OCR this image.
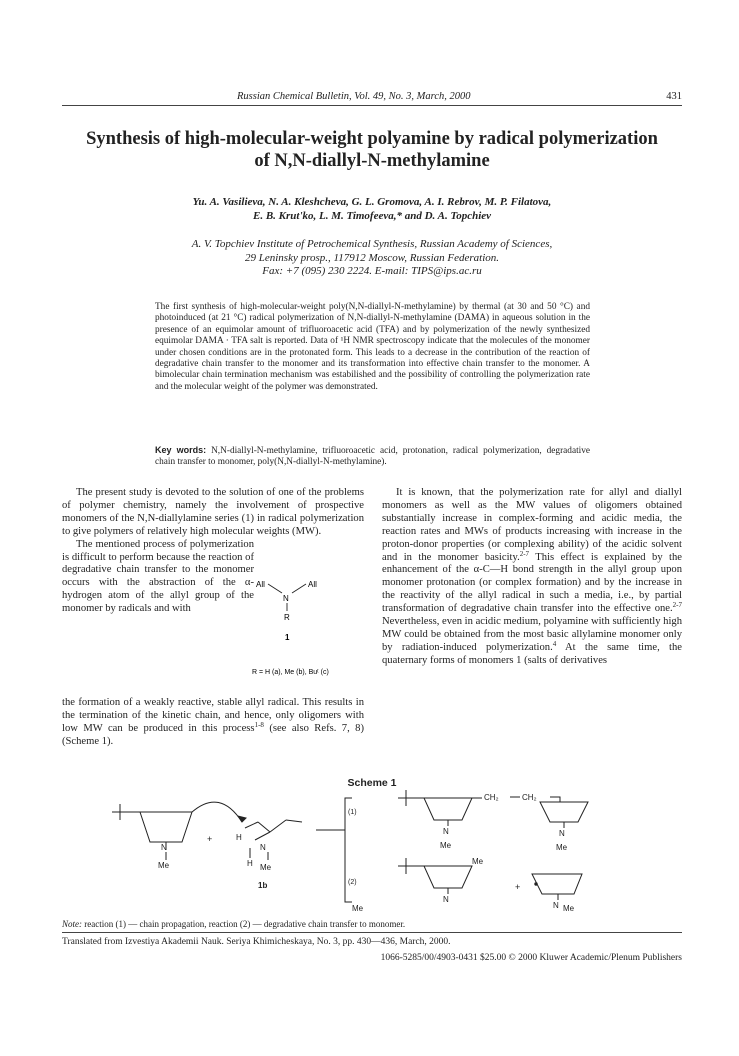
Russian Chemical Bulletin, Vol. 49, No. 3, March, 2000	431
Synthesis of high-molecular-weight polyamine by radical polymerization
of N,N-diallyl-N-methylamine
Yu. A. Vasilieva, N. A. Kleshcheva, G. L. Gromova, A. I. Rebrov, M. P. Filatova,
E. B. Krut'ko, L. M. Timofeeva,* and D. A. Topchiev
A. V. Topchiev Institute of Petrochemical Synthesis, Russian Academy of Sciences,
29 Leninsky prosp., 117912 Moscow, Russian Federation.
Fax: +7 (095) 230 2224. E-mail: TIPS@ips.ac.ru
The first synthesis of high-molecular-weight poly(N,N-diallyl-N-methylamine) by thermal (at 30 and 50 °C) and photoinduced (at 21 °C) radical polymerization of N,N-diallyl-N-methylamine (DAMA) in aqueous solution in the presence of an equimolar amount of trifluoroacetic acid (TFA) and by polymerization of the newly synthesized equimolar DAMA · TFA salt is reported. Data of ¹H NMR spectroscopy indicate that the molecules of the monomer under chosen conditions are in the protonated form. This leads to a decrease in the contribution of the reaction of degradative chain transfer to the monomer and its transformation into effective chain transfer to the monomer. A bimolecular chain termination mechanism was estabilished and the possibility of controlling the polymerization rate and the molecular weight of the polymer was demonstrated.
Key words: N,N-diallyl-N-methylamine, trifluoroacetic acid, protonation, radical polymerization, degradative chain transfer to monomer, poly(N,N-diallyl-N-methylamine).
The present study is devoted to the solution of one of the problems of polymer chemistry, namely the involvement of prospective monomers of the N,N-diallylamine series (1) in radical polymerization to give polymers of relatively high molecular weights (MW).
The mentioned process of polymerization is difficult to perform because the reaction of degradative chain transfer to the monomer occurs with the abstraction of the α-hydrogen atom of the allyl group of the monomer by radicals and with
All	All
N
R
1
R = H (a), Me (b), Buᵗ (c)
the formation of a weakly reactive, stable allyl radical. This results in the termination of the kinetic chain, and hence, only oligomers with low MW can be produced in this process$^{1-8}$ (see also Refs. 7, 8) (Scheme 1).
It is known, that the polymerization rate for allyl and diallyl monomers as well as the MW values of oligomers obtained substantially increase in complex-forming and acidic media, the reaction rates and MWs of products increasing with increase in the proton-donor properties (or complexing ability) of the acidic solvent and in the monomer basicity.$^{2-7}$ This effect is explained by the enhancement of the α-C—H bond strength in the allyl group upon monomer protonation (or complex formation) and by the increase in the reactivity of the allyl radical in such a media, i.e., by partial transformation of degradative chain transfer into the effective one.$^{2-7}$ Nevertheless, even in acidic medium, polyamine with sufficiently high MW could be obtained from the most basic allylamine monomer only by radiation-induced polymerization.$^4$ At the same time, the quaternary forms of monomers 1 (salts of derivatives
Scheme 1
N
Me
+	H
N
H Me
1b
(1)
(2)
N
Me
CH₂	CH₂
N
Me
N
Me
+
N
Me	Me
Note: reaction (1) — chain propagation, reaction (2) — degradative chain transfer to monomer.
Translated from Izvestiya Akademii Nauk. Seriya Khimicheskaya, No. 3, pp. 430—436, March, 2000.
1066-5285/00/4903-0431 $25.00 © 2000 Kluwer Academic/Plenum Publishers
